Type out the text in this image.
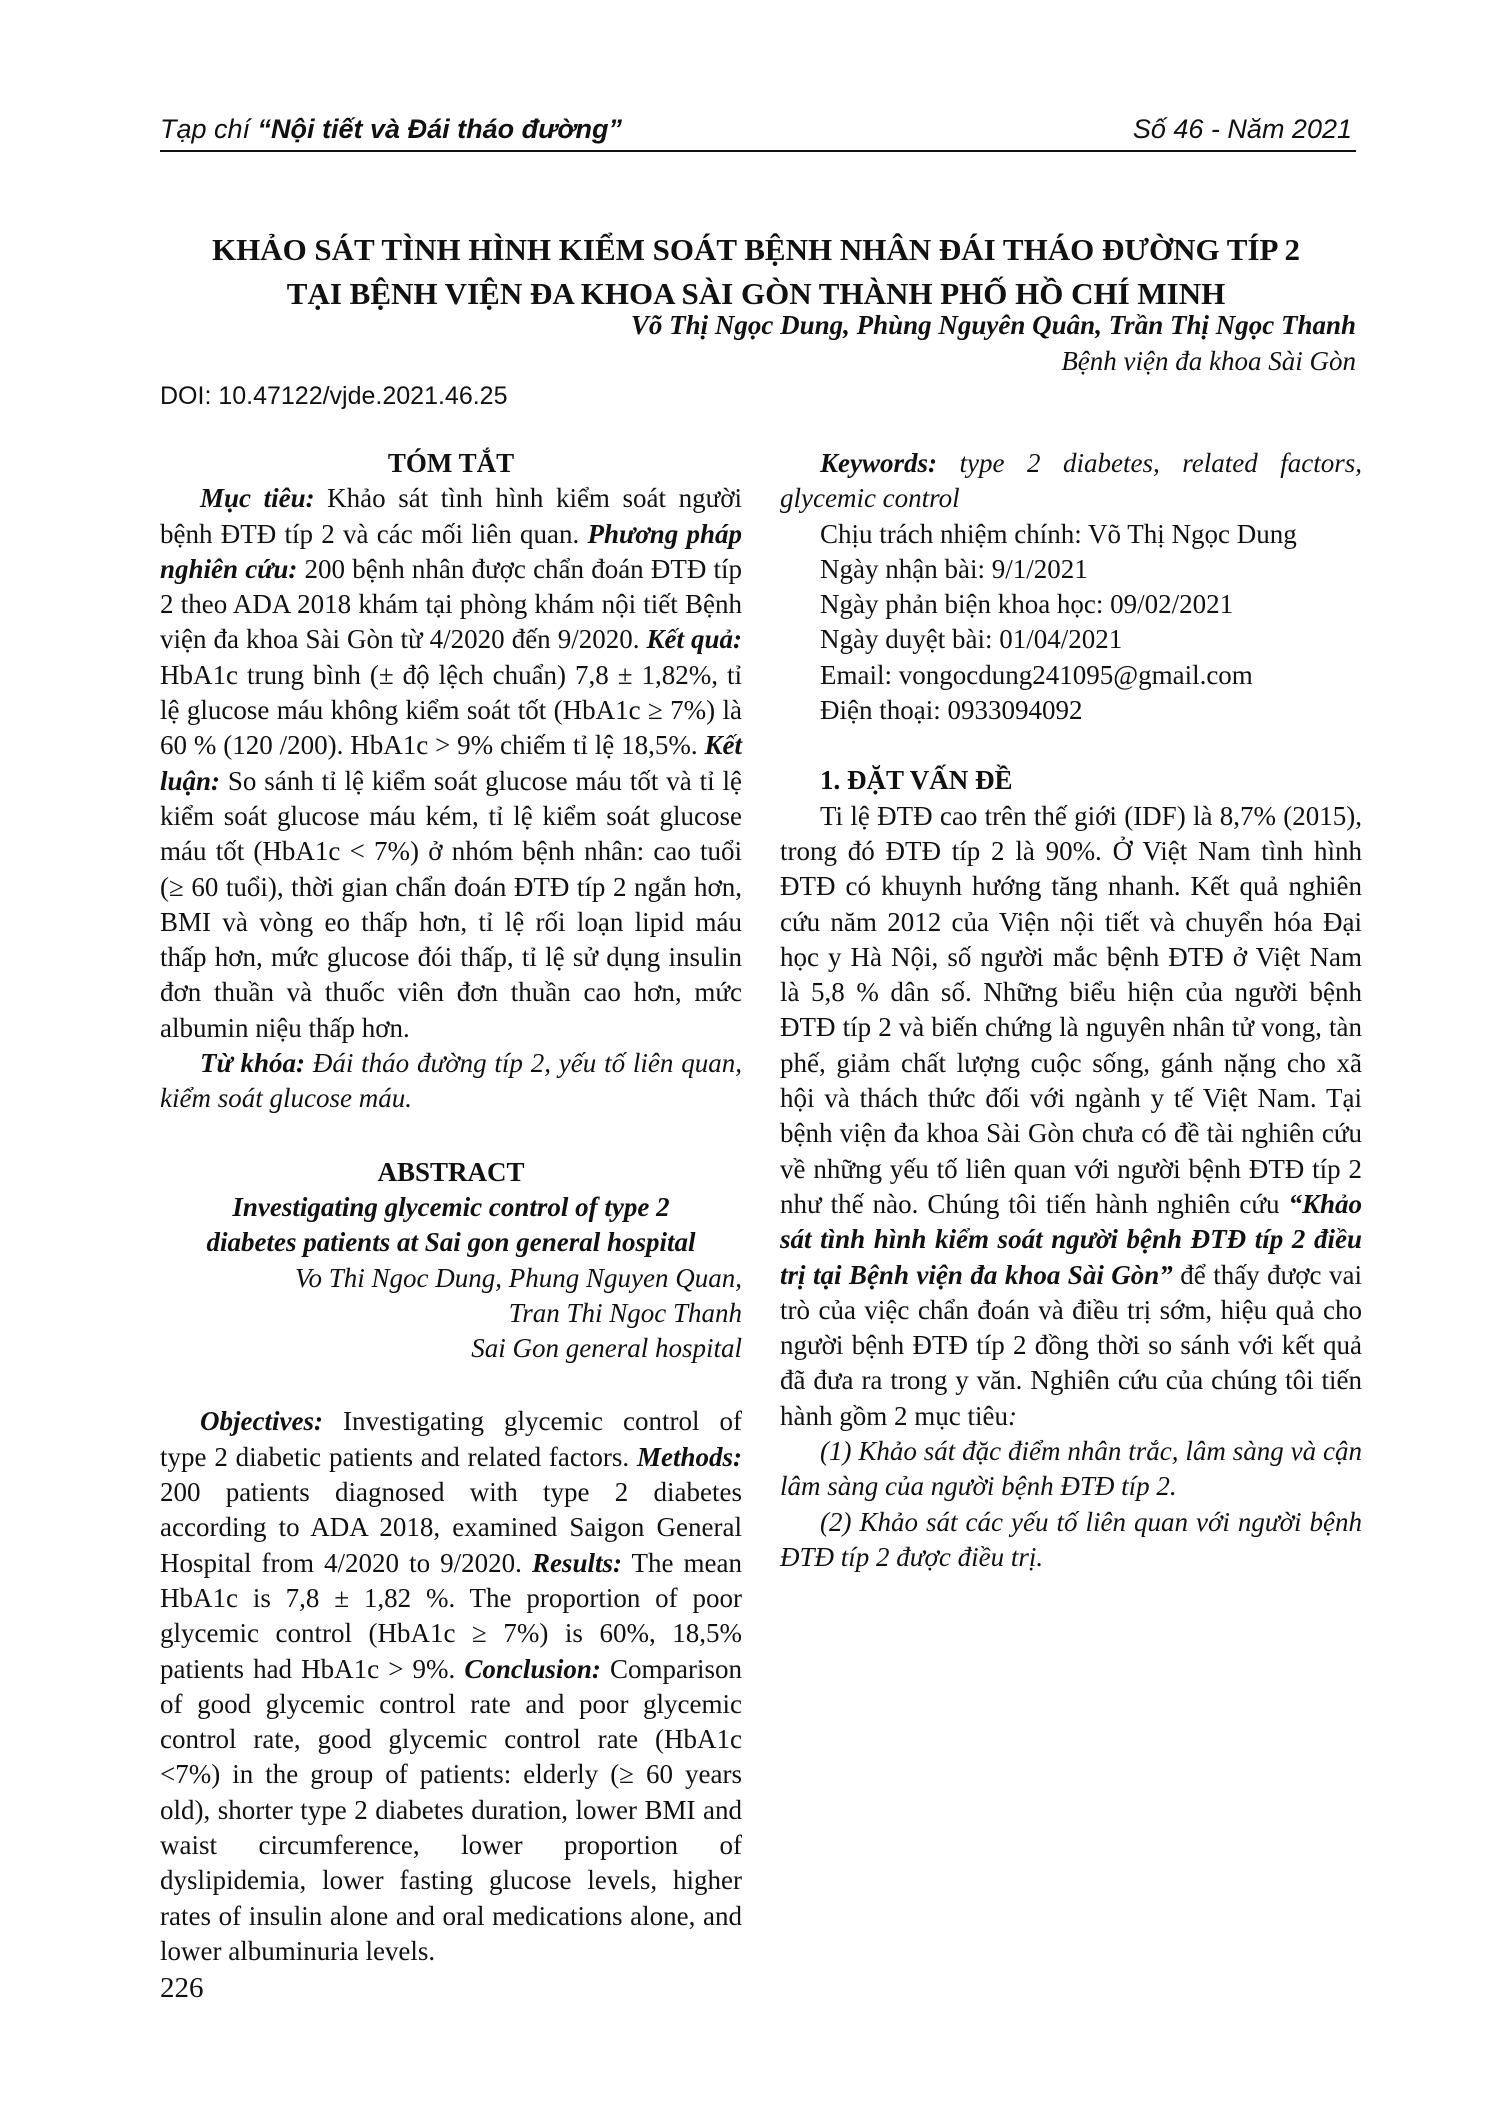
Tạp chí “Nội tiết và Đái tháo đường”	Số 46 - Năm 2021
KHẢO SÁT TÌNH HÌNH KIỂM SOÁT BỆNH NHÂN ĐÁI THÁO ĐƯỜNG TÍP 2
TẠI BỆNH VIỆN ĐA KHOA SÀI GÒN THÀNH PHỐ HỒ CHÍ MINH
Võ Thị Ngọc Dung, Phùng Nguyên Quân, Trần Thị Ngọc Thanh
Bệnh viện đa khoa Sài Gòn
DOI: 10.47122/vjde.2021.46.25

TÓM TẮT

Mục tiêu: Khảo sát tình hình kiểm soát người bệnh ĐTĐ típ 2 và các mối liên quan. Phương pháp nghiên cứu: 200 bệnh nhân được chẩn đoán ĐTĐ típ 2 theo ADA 2018 khám tại phòng khám nội tiết Bệnh viện đa khoa Sài Gòn từ 4/2020 đến 9/2020. Kết quả: HbA1c trung bình (± độ lệch chuẩn) 7,8 ± 1,82%, tỉ lệ glucose máu không kiểm soát tốt (HbA1c ≥ 7%) là 60 % (120 /200). HbA1c > 9% chiếm tỉ lệ 18,5%. Kết luận: So sánh tỉ lệ kiểm soát glucose máu tốt và tỉ lệ kiểm soát glucose máu kém, tỉ lệ kiểm soát glucose máu tốt (HbA1c < 7%) ở nhóm bệnh nhân: cao tuổi (≥ 60 tuổi), thời gian chẩn đoán ĐTĐ típ 2 ngắn hơn, BMI và vòng eo thấp hơn, tỉ lệ rối loạn lipid máu thấp hơn, mức glucose đói thấp, tỉ lệ sử dụng insulin đơn thuần và thuốc viên đơn thuần cao hơn, mức albumin niệu thấp hơn.

Từ khóa: Đái tháo đường típ 2, yếu tố liên quan, kiểm soát glucose máu.

ABSTRACT

Investigating glycemic control of type 2

diabetes patients at Sai gon general hospital

Vo Thi Ngoc Dung, Phung Nguyen Quan,

Tran Thi Ngoc Thanh

Sai Gon general hospital

Objectives: Investigating glycemic control of type 2 diabetic patients and related factors. Methods: 200 patients diagnosed with type 2 diabetes according to ADA 2018, examined Saigon General Hospital from 4/2020 to 9/2020. Results: The mean HbA1c is 7,8 ± 1,82 %. The proportion of poor glycemic control (HbA1c ≥ 7%) is 60%, 18,5% patients had HbA1c > 9%. Conclusion: Comparison of good glycemic control rate and poor glycemic control rate, good glycemic control rate (HbA1c <7%) in the group of patients: elderly (≥ 60 years old), shorter type 2 diabetes duration, lower BMI and waist circumference, lower proportion of dyslipidemia, lower fasting glucose levels, higher rates of insulin alone and oral medications alone, and lower albuminuria levels.

Keywords: type 2 diabetes, related factors, glycemic control

Chịu trách nhiệm chính: Võ Thị Ngọc Dung

Ngày nhận bài: 9/1/2021

Ngày phản biện khoa học: 09/02/2021

Ngày duyệt bài: 01/04/2021

Email: vongocdung241095@gmail.com

Điện thoại: 0933094092

1. ĐẶT VẤN ĐỀ

Ti lệ ĐTĐ cao trên thế giới (IDF) là 8,7% (2015), trong đó ĐTĐ típ 2 là 90%. Ở Việt Nam tình hình ĐTĐ có khuynh hướng tăng nhanh. Kết quả nghiên cứu năm 2012 của Viện nội tiết và chuyển hóa Đại học y Hà Nội, số người mắc bệnh ĐTĐ ở Việt Nam là 5,8 % dân số. Những biểu hiện của người bệnh ĐTĐ típ 2 và biến chứng là nguyên nhân tử vong, tàn phế, giảm chất lượng cuộc sống, gánh nặng cho xã hội và thách thức đối với ngành y tế Việt Nam. Tại bệnh viện đa khoa Sài Gòn chưa có đề tài nghiên cứu về những yếu tố liên quan với người bệnh ĐTĐ típ 2 như thế nào. Chúng tôi tiến hành nghiên cứu “Khảo sát tình hình kiểm soát người bệnh ĐTĐ típ 2 điều trị tại Bệnh viện đa khoa Sài Gòn” để thấy được vai trò của việc chẩn đoán và điều trị sớm, hiệu quả cho người bệnh ĐTĐ típ 2 đồng thời so sánh với kết quả đã đưa ra trong y văn. Nghiên cứu của chúng tôi tiến hành gồm 2 mục tiêu:

(1) Khảo sát đặc điểm nhân trắc, lâm sàng và cận lâm sàng của người bệnh ĐTĐ típ 2.

(2) Khảo sát các yếu tố liên quan với người bệnh ĐTĐ típ 2 được điều trị.

226
